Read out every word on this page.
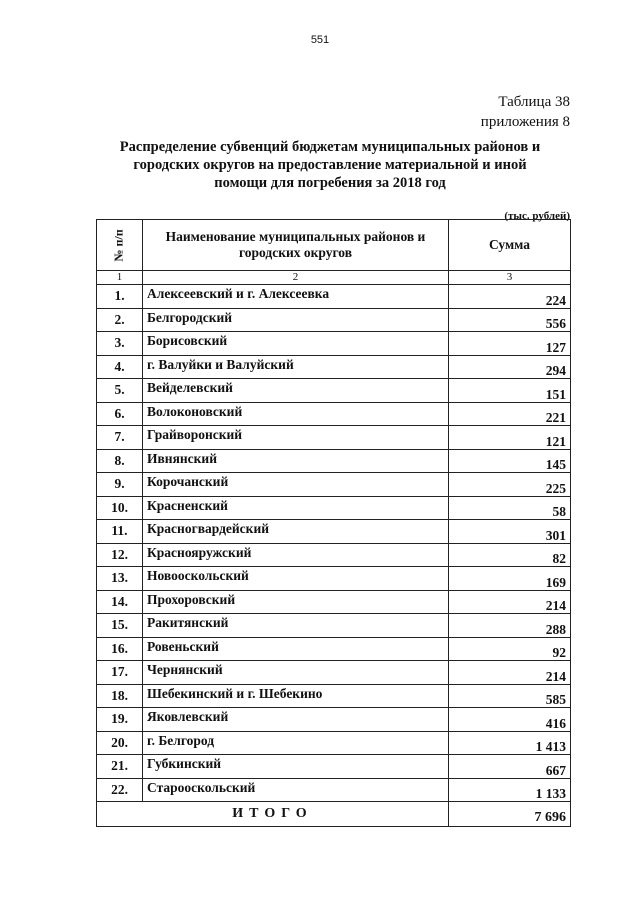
551
Таблица 38
приложения 8
Распределение субвенций бюджетам муниципальных районов и
городских округов на предоставление материальной и иной
помощи для погребения за 2018 год
(тыс. рублей)
№ п/п	Наименование муниципальных районов и
городских округов	Сумма
1	2	3
1.	Алексеевский и г. Алексеевка	224
2.	Белгородский	556
3.	Борисовский	127
4.	г. Валуйки и Валуйский	294
5.	Вейделевский	151
6.	Волоконовский	221
7.	Грайворонский	121
8.	Ивнянский	145
9.	Корочанский	225
10.	Красненский	58
11.	Красногвардейский	301
12.	Краснояружский	82
13.	Новооскольский	169
14.	Прохоровский	214
15.	Ракитянский	288
16.	Ровеньский	92
17.	Чернянский	214
18.	Шебекинский и г. Шебекино	585
19.	Яковлевский	416
20.	г. Белгород	1 413
21.	Губкинский	667
22.	Старооскольский	1 133
ИТОГО		7 696
